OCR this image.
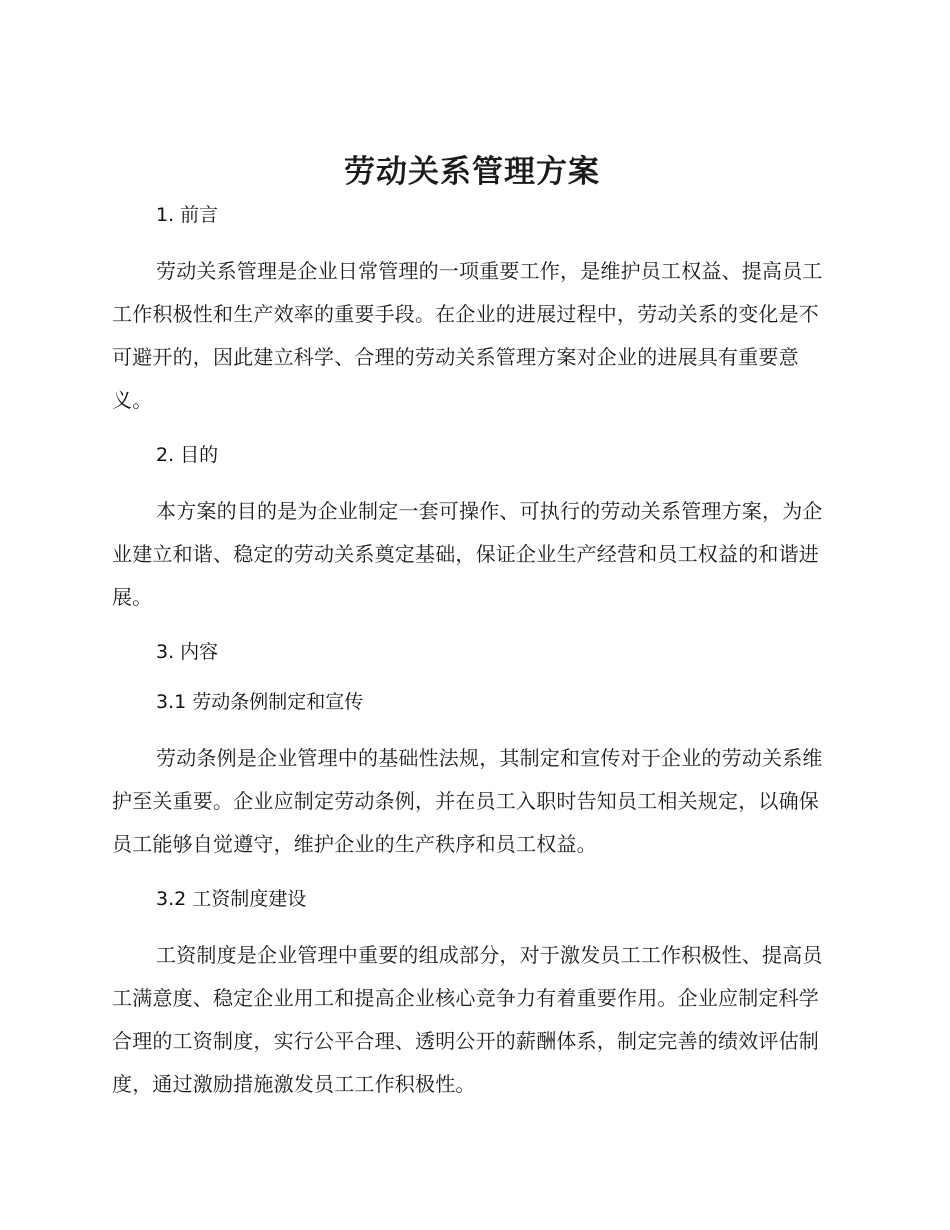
劳动关系管理方案
1. 前言

劳动关系管理是企业日常管理的一项重要工作，是维护员工权益、提高员工工作积极性和生产效率的重要手段。在企业的进展过程中，劳动关系的变化是不可避开的，因此建立科学、合理的劳动关系管理方案对企业的进展具有重要意义。

2. 目的

本方案的目的是为企业制定一套可操作、可执行的劳动关系管理方案，为企业建立和谐、稳定的劳动关系奠定基础，保证企业生产经营和员工权益的和谐进展。

3. 内容
3.1 劳动条例制定和宣传

劳动条例是企业管理中的基础性法规，其制定和宣传对于企业的劳动关系维护至关重要。企业应制定劳动条例，并在员工入职时告知员工相关规定，以确保员工能够自觉遵守，维护企业的生产秩序和员工权益。

3.2 工资制度建设

工资制度是企业管理中重要的组成部分，对于激发员工工作积极性、提高员工满意度、稳定企业用工和提高企业核心竞争力有着重要作用。企业应制定科学合理的工资制度，实行公平合理、透明公开的薪酬体系，制定完善的绩效评估制度，通过激励措施激发员工工作积极性。
